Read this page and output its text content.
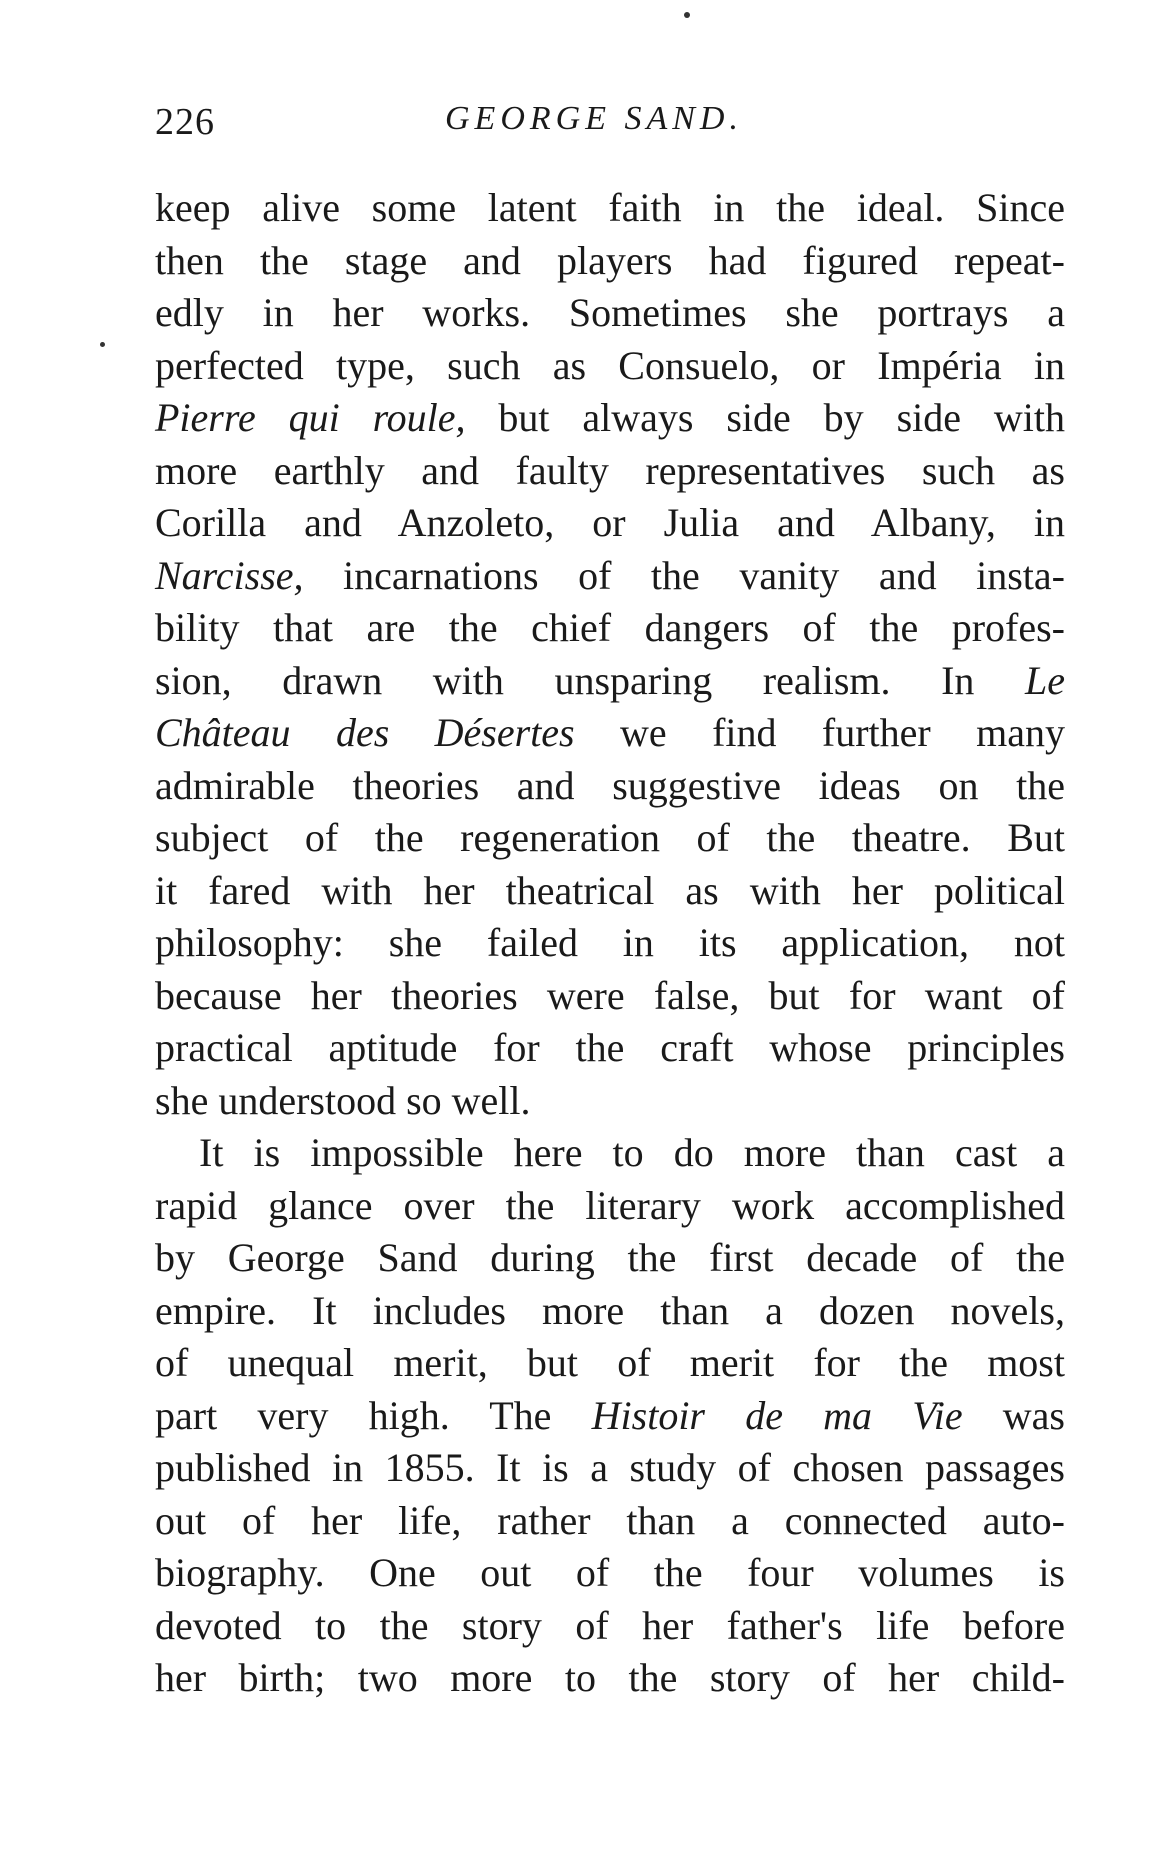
226	GEORGE SAND.
keep alive some latent faith in the ideal. Since
then the stage and players had figured repeat-
edly in her works. Sometimes she portrays a
perfected type, such as Consuelo, or Impéria in
Pierre qui roule, but always side by side with
more earthly and faulty representatives such as
Corilla and Anzoleto, or Julia and Albany, in
Narcisse, incarnations of the vanity and insta-
bility that are the chief dangers of the profes-
sion, drawn with unsparing realism. In Le
Château des Désertes we find further many
admirable theories and suggestive ideas on the
subject of the regeneration of the theatre. But
it fared with her theatrical as with her political
philosophy: she failed in its application, not
because her theories were false, but for want of
practical aptitude for the craft whose principles
she understood so well.
It is impossible here to do more than cast a
rapid glance over the literary work accomplished
by George Sand during the first decade of the
empire. It includes more than a dozen novels,
of unequal merit, but of merit for the most
part very high. The Histoir de ma Vie was
published in 1855. It is a study of chosen passages
out of her life, rather than a connected auto-
biography. One out of the four volumes is
devoted to the story of her father's life before
her birth; two more to the story of her child-
